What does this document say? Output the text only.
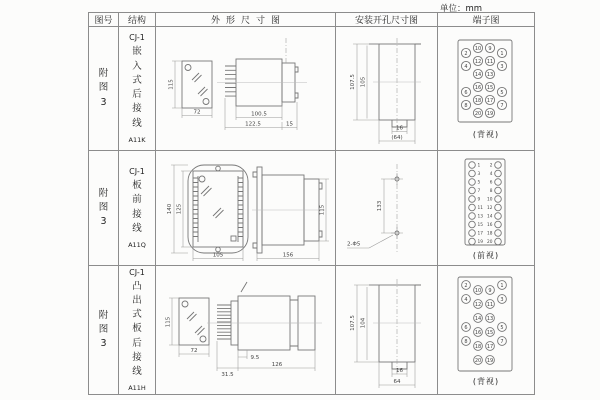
单位：mm
图号	结构	外形尺寸图	安装开孔尺寸图	端子图
附图3
CJ-1
嵌入式后接线
A11K
115
72	100.5
122.5	15
107.5 105
16
(64)
2
10 9
1
4
12 11
3
14 13
6
16 15
5
8
18 17
7
20 19
(背视)
附图3
CJ-1
板前接线
A11Q
140 125
105	156
115	133
2-Φ5
1 2
3 4
5 6
7 8
9 10
11 12
13 14
15 16
17 18
19 20
(前视)
附图3
CJ-1
凸出式板后接线
A11H
115
72
9.5
31.5
126
107.5 104
16
64
2
10 9
1
4
12 11
3
14 13
6
16 15
5
8
18 17
7
20 19
(背视)
